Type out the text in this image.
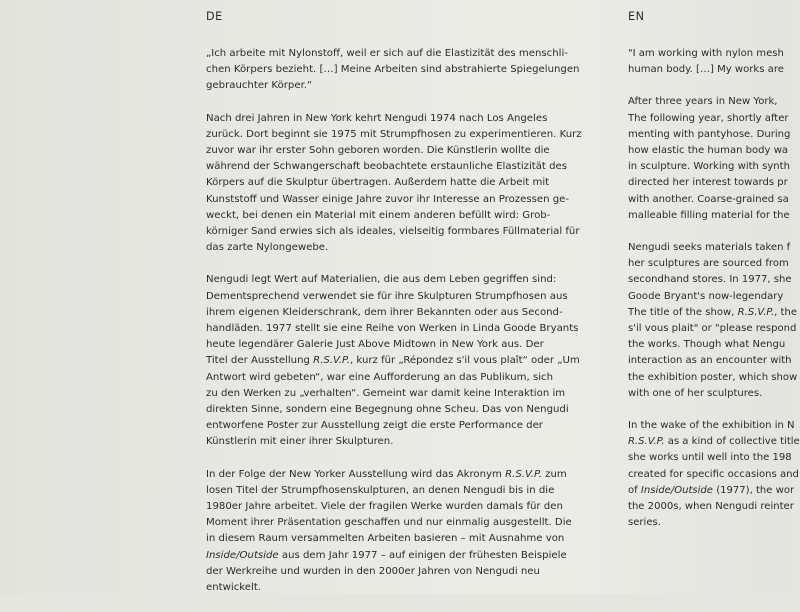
DE
„Ich arbeite mit Nylonstoff, weil er sich auf die Elastizität des menschli-
chen Körpers bezieht. […] Meine Arbeiten sind abstrahierte Spiegelungen
gebrauchter Körper.“
Nach drei Jahren in New York kehrt Nengudi 1974 nach Los Angeles
zurück. Dort beginnt sie 1975 mit Strumpfhosen zu experimentieren. Kurz
zuvor war ihr erster Sohn geboren worden. Die Künstlerin wollte die
während der Schwangerschaft beobachtete erstaunliche Elastizität des
Körpers auf die Skulptur übertragen. Außerdem hatte die Arbeit mit
Kunststoff und Wasser einige Jahre zuvor ihr Interesse an Prozessen ge-
weckt, bei denen ein Material mit einem anderen befüllt wird: Grob-
körniger Sand erwies sich als ideales, vielseitig formbares Füllmaterial für
das zarte Nylongewebe.
Nengudi legt Wert auf Materialien, die aus dem Leben gegriffen sind:
Dementsprechend verwendet sie für ihre Skulpturen Strumpfhosen aus
ihrem eigenen Kleiderschrank, dem ihrer Bekannten oder aus Second-
handläden. 1977 stellt sie eine Reihe von Werken in Linda Goode Bryants
heute legendärer Galerie Just Above Midtown in New York aus. Der
Titel der Ausstellung R.S.V.P., kurz für „Répondez s'il vous plaît“ oder „Um
Antwort wird gebeten“, war eine Aufforderung an das Publikum, sich
zu den Werken zu „verhalten“. Gemeint war damit keine Interaktion im
direkten Sinne, sondern eine Begegnung ohne Scheu. Das von Nengudi
entworfene Poster zur Ausstellung zeigt die erste Performance der
Künstlerin mit einer ihrer Skulpturen.
In der Folge der New Yorker Ausstellung wird das Akronym R.S.V.P. zum
losen Titel der Strumpfhosenskulpturen, an denen Nengudi bis in die
1980er Jahre arbeitet. Viele der fragilen Werke wurden damals für den
Moment ihrer Präsentation geschaffen und nur einmalig ausgestellt. Die
in diesem Raum versammelten Arbeiten basieren – mit Ausnahme von
Inside/Outside aus dem Jahr 1977 – auf einigen der frühesten Beispiele
der Werkreihe und wurden in den 2000er Jahren von Nengudi neu
entwickelt.
EN
"I am working with nylon mesh
human body. […] My works are
After three years in New York,
The following year, shortly after
menting with pantyhose. During
how elastic the human body wa
in sculpture. Working with synth
directed her interest towards pr
with another. Coarse-grained sa
malleable filling material for the
Nengudi seeks materials taken f
her sculptures are sourced from
secondhand stores. In 1977, she
Goode Bryant's now-legendary
The title of the show, R.S.V.P., the
s'il vous plait" or "please respond
the works. Though what Nengu
interaction as an encounter with
the exhibition poster, which show
with one of her sculptures.
In the wake of the exhibition in N
R.S.V.P. as a kind of collective title
she works until well into the 198
created for specific occasions and
of Inside/Outside (1977), the wor
the 2000s, when Nengudi reinter
series.
